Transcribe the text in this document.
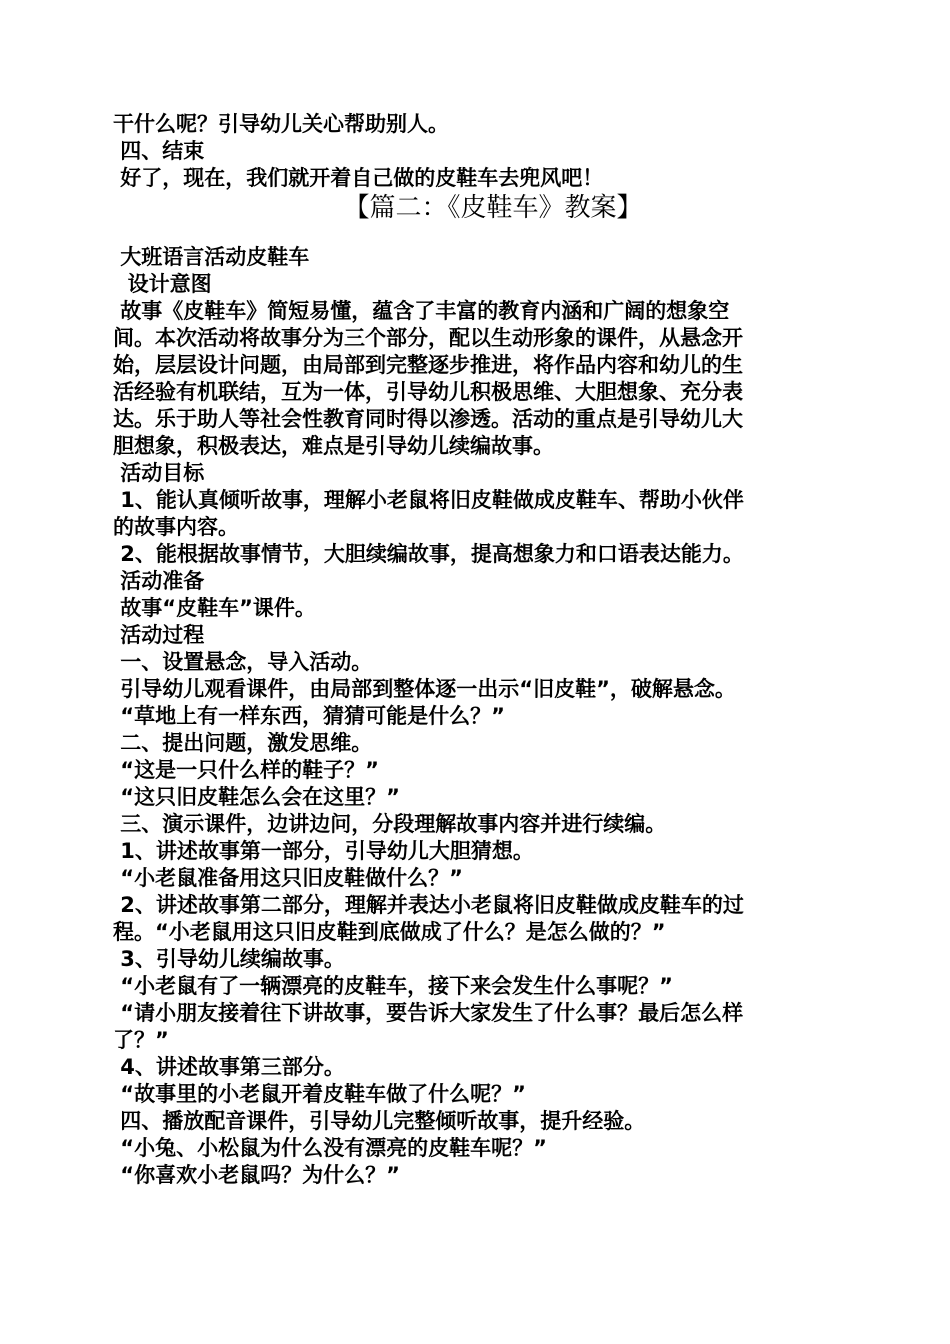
干什么呢？引导幼儿关心帮助别人。
四、结束
好了，现在，我们就开着自己做的皮鞋车去兜风吧！
【篇二：《皮鞋车》教案】
大班语言活动皮鞋车
设计意图
故事《皮鞋车》简短易懂，蕴含了丰富的教育内涵和广阔的想象空
间。本次活动将故事分为三个部分，配以生动形象的课件，从悬念开
始，层层设计问题，由局部到完整逐步推进，将作品内容和幼儿的生
活经验有机联结，互为一体，引导幼儿积极思维、大胆想象、充分表
达。乐于助人等社会性教育同时得以渗透。活动的重点是引导幼儿大
胆想象，积极表达，难点是引导幼儿续编故事。
活动目标
1、能认真倾听故事，理解小老鼠将旧皮鞋做成皮鞋车、帮助小伙伴
的故事内容。
2、能根据故事情节，大胆续编故事，提高想象力和口语表达能力。
活动准备
故事“皮鞋车”课件。
活动过程
一、设置悬念，导入活动。
引导幼儿观看课件，由局部到整体逐一出示“旧皮鞋”，破解悬念。
“草地上有一样东西，猜猜可能是什么？”
二、提出问题，激发思维。
“这是一只什么样的鞋子？”
“这只旧皮鞋怎么会在这里？”
三、演示课件，边讲边问，分段理解故事内容并进行续编。
1、讲述故事第一部分，引导幼儿大胆猜想。
“小老鼠准备用这只旧皮鞋做什么？”
2、讲述故事第二部分，理解并表达小老鼠将旧皮鞋做成皮鞋车的过
程。“小老鼠用这只旧皮鞋到底做成了什么？是怎么做的？”
3、引导幼儿续编故事。
“小老鼠有了一辆漂亮的皮鞋车，接下来会发生什么事呢？”
“请小朋友接着往下讲故事，要告诉大家发生了什么事？最后怎么样
了？”
4、讲述故事第三部分。
“故事里的小老鼠开着皮鞋车做了什么呢？”
四、播放配音课件，引导幼儿完整倾听故事，提升经验。
“小兔、小松鼠为什么没有漂亮的皮鞋车呢？”
“你喜欢小老鼠吗？为什么？”
